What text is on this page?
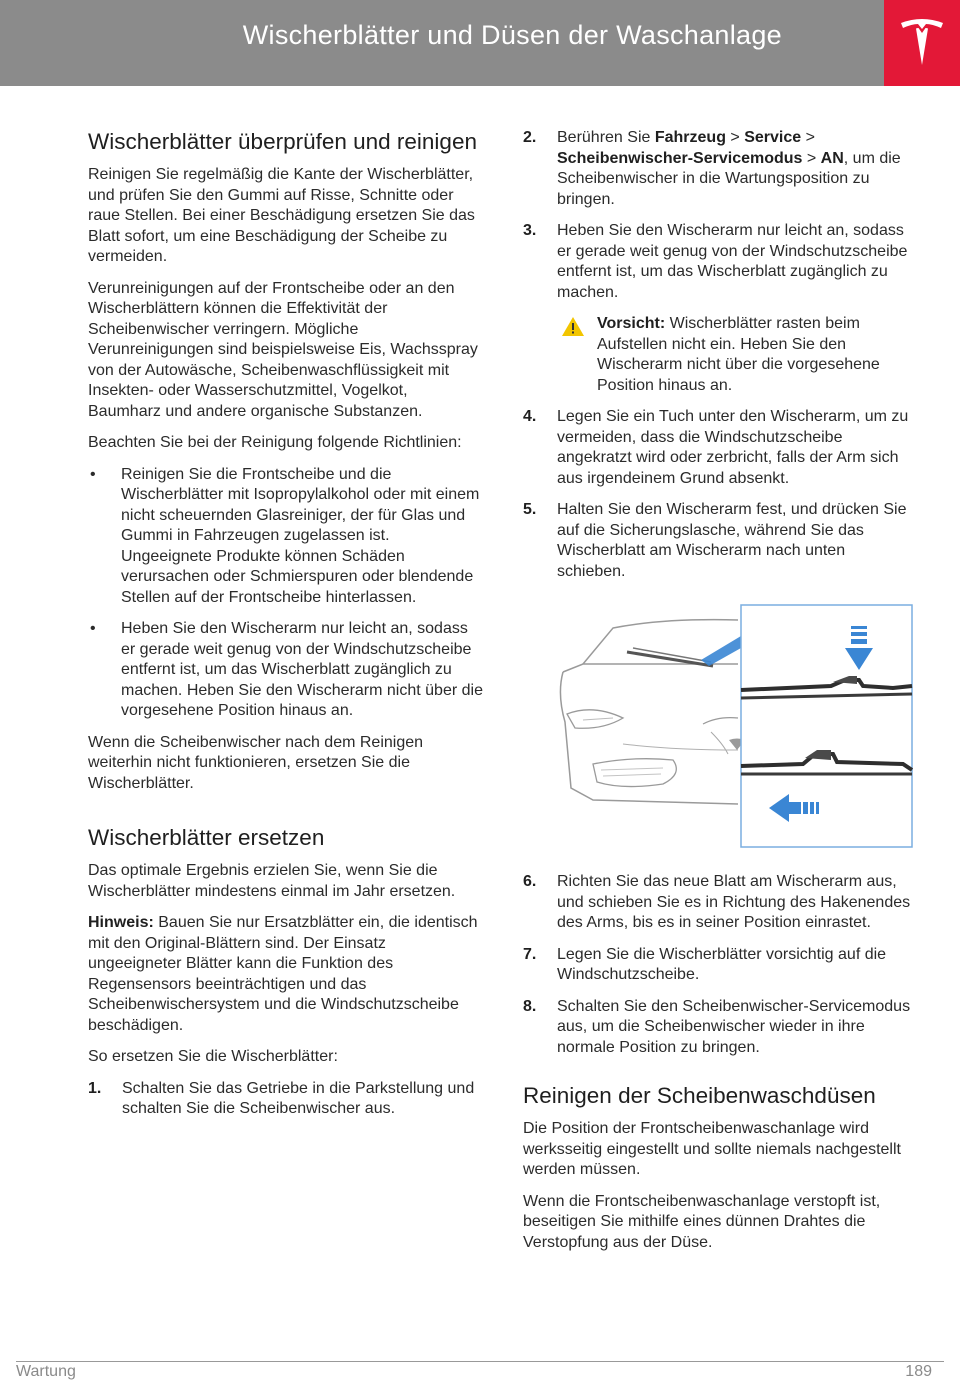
Wischerblätter und Düsen der Waschanlage
Wischerblätter überprüfen und reinigen

Reinigen Sie regelmäßig die Kante der Wischerblätter, und prüfen Sie den Gummi auf Risse, Schnitte oder raue Stellen. Bei einer Beschädigung ersetzen Sie das Blatt sofort, um eine Beschädigung der Scheibe zu vermeiden.

Verunreinigungen auf der Frontscheibe oder an den Wischerblättern können die Effektivität der Scheibenwischer verringern. Mögliche Verunreinigungen sind beispielsweise Eis, Wachsspray von der Autowäsche, Scheibenwaschflüssigkeit mit Insekten- oder Wasserschutzmittel, Vogelkot, Baumharz und andere organische Substanzen.

Beachten Sie bei der Reinigung folgende Richtlinien:

• Reinigen Sie die Frontscheibe und die Wischerblätter mit Isopropylalkohol oder mit einem nicht scheuernden Glasreiniger, der für Glas und Gummi in Fahrzeugen zugelassen ist. Ungeeignete Produkte können Schäden verursachen oder Schmierspuren oder blendende Stellen auf der Frontscheibe hinterlassen.
• Heben Sie den Wischerarm nur leicht an, sodass er gerade weit genug von der Windschutzscheibe entfernt ist, um das Wischerblatt zugänglich zu machen. Heben Sie den Wischerarm nicht über die vorgesehene Position hinaus an.

Wenn die Scheibenwischer nach dem Reinigen weiterhin nicht funktionieren, ersetzen Sie die Wischerblätter.

Wischerblätter ersetzen

Das optimale Ergebnis erzielen Sie, wenn Sie die Wischerblätter mindestens einmal im Jahr ersetzen.

Hinweis: Bauen Sie nur Ersatzblätter ein, die identisch mit den Original-Blättern sind. Der Einsatz ungeeigneter Blätter kann die Funktion des Regensensors beeinträchtigen und das Scheibenwischersystem und die Windschutzscheibe beschädigen.

So ersetzen Sie die Wischerblätter:

1. Schalten Sie das Getriebe in die Parkstellung und schalten Sie die Scheibenwischer aus.
2. Berühren Sie Fahrzeug > Service > Scheibenwischer-Servicemodus > AN, um die Scheibenwischer in die Wartungsposition zu bringen.
3. Heben Sie den Wischerarm nur leicht an, sodass er gerade weit genug von der Windschutzscheibe entfernt ist, um das Wischerblatt zugänglich zu machen.
Vorsicht: Wischerblätter rasten beim Aufstellen nicht ein. Heben Sie den Wischerarm nicht über die vorgesehene Position hinaus an.
4. Legen Sie ein Tuch unter den Wischerarm, um zu vermeiden, dass die Windschutzscheibe angekratzt wird oder zerbricht, falls der Arm sich aus irgendeinem Grund absenkt.
5. Halten Sie den Wischerarm fest, und drücken Sie auf die Sicherungslasche, während Sie das Wischerblatt am Wischerarm nach unten schieben.
6. Richten Sie das neue Blatt am Wischerarm aus, und schieben Sie es in Richtung des Hakenendes des Arms, bis es in seiner Position einrastet.
7. Legen Sie die Wischerblätter vorsichtig auf die Windschutzscheibe.
8. Schalten Sie den Scheibenwischer-Servicemodus aus, um die Scheibenwischer wieder in ihre normale Position zu bringen.
Reinigen der Scheibenwaschdüsen

Die Position der Frontscheibenwaschanlage wird werksseitig eingestellt und sollte niemals nachgestellt werden müssen.

Wenn die Frontscheibenwaschanlage verstopft ist, beseitigen Sie mithilfe eines dünnen Drahtes die Verstopfung aus der Düse.

Wartung	189
